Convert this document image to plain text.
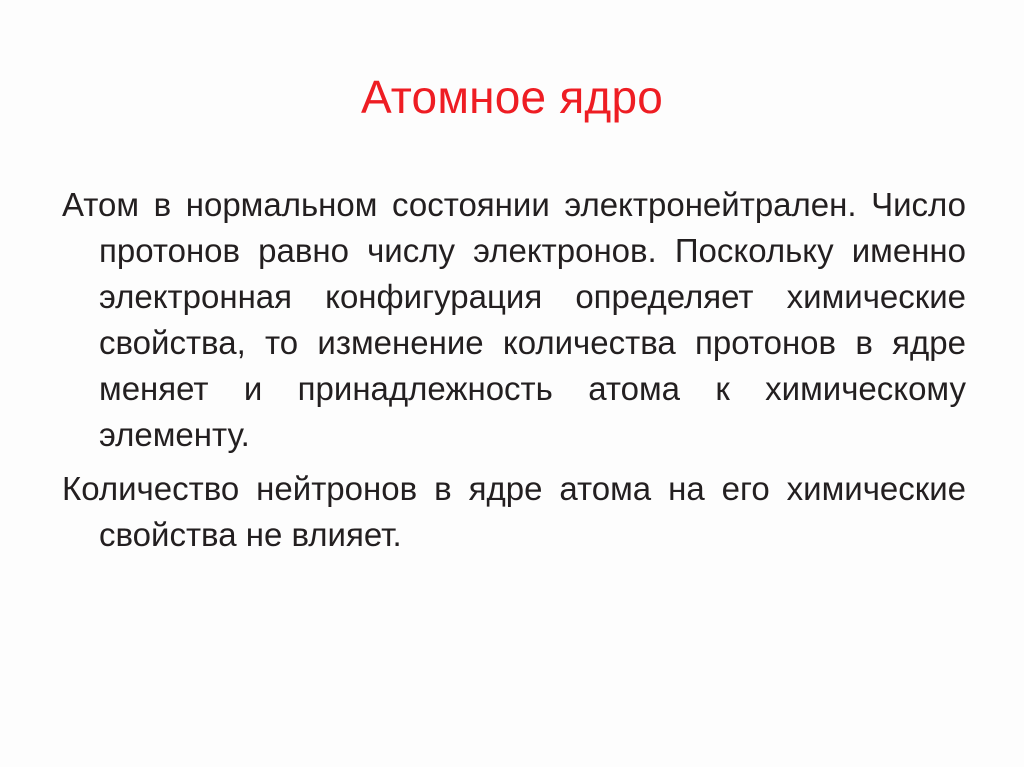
Атомное ядро

Атом в нормальном состоянии электронейтрален. Число протонов равно числу электронов. Поскольку именно электронная конфигурация определяет химические свойства, то изменение количества протонов в ядре меняет и принадлежность атома к химическому элементу.

Количество нейтронов в ядре атома на его химические свойства не влияет.
